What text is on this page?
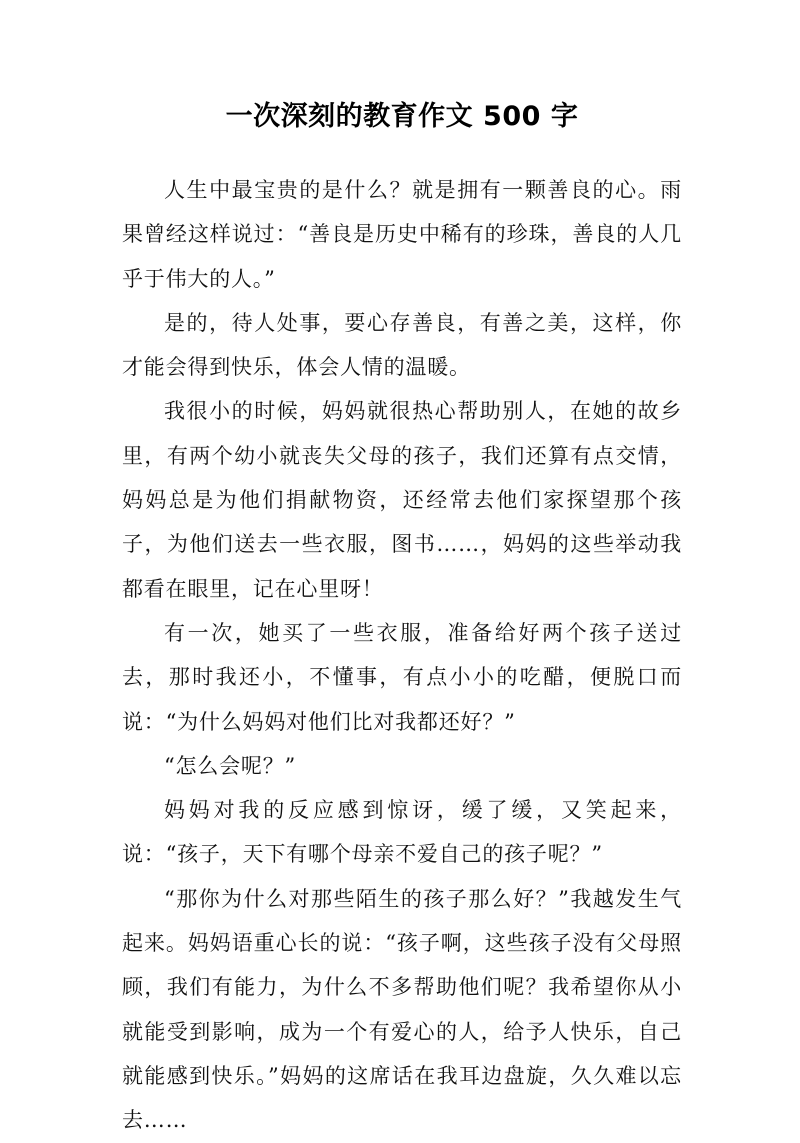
一次深刻的教育作文 500 字

人生中最宝贵的是什么？就是拥有一颗善良的心。雨果曾经这样说过：“善良是历史中稀有的珍珠，善良的人几乎于伟大的人。”

是的，待人处事，要心存善良，有善之美，这样，你才能会得到快乐，体会人情的温暖。

我很小的时候，妈妈就很热心帮助别人，在她的故乡里，有两个幼小就丧失父母的孩子，我们还算有点交情，妈妈总是为他们捐献物资，还经常去他们家探望那个孩子，为他们送去一些衣服，图书……，妈妈的这些举动我都看在眼里，记在心里呀！

有一次，她买了一些衣服，准备给好两个孩子送过去，那时我还小，不懂事，有点小小的吃醋，便脱口而说：“为什么妈妈对他们比对我都还好？”

“怎么会呢？”

妈妈对我的反应感到惊讶，缓了缓，又笑起来，说：“孩子，天下有哪个母亲不爱自己的孩子呢？”

“那你为什么对那些陌生的孩子那么好？”我越发生气起来。妈妈语重心长的说：“孩子啊，这些孩子没有父母照顾，我们有能力，为什么不多帮助他们呢？我希望你从小就能受到影响，成为一个有爱心的人，给予人快乐，自己就能感到快乐。”妈妈的这席话在我耳边盘旋，久久难以忘去……
